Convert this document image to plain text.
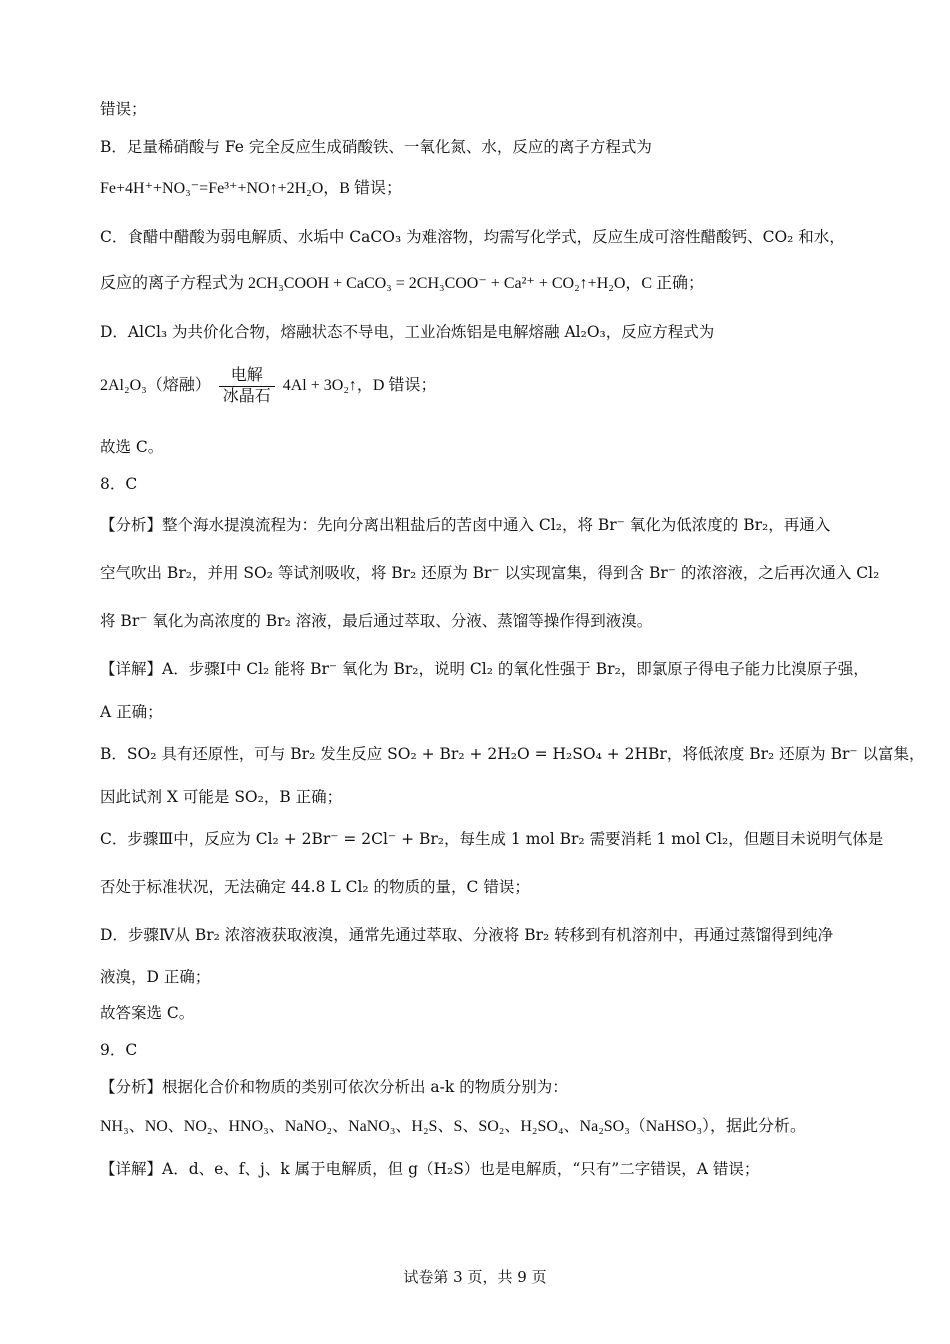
错误；
B．足量稀硝酸与 Fe 完全反应生成硝酸铁、一氧化氮、水，反应的离子方程式为
Fe+4H⁺+NO₃⁻=Fe³⁺+NO↑+2H₂O，B 错误；
C．食醋中醋酸为弱电解质、水垢中 CaCO₃ 为难溶物，均需写化学式，反应生成可溶性醋酸钙、CO₂ 和水，
反应的离子方程式为 2CH₃COOH + CaCO₃ = 2CH₃COO⁻ + Ca²⁺ + CO₂↑+H₂O，C 正确；
D．AlCl₃ 为共价化合物，熔融状态不导电，工业冶炼铝是电解熔融 Al₂O₃，反应方程式为
2Al₂O₃（熔融） $\frac{\text{电解}}{\text{冰晶石}} 4Al$ + 3O₂↑，D 错误；
故选 C。
8．C
【分析】整个海水提溴流程为：先向分离出粗盐后的苦卤中通入 Cl₂，将 Br⁻ 氧化为低浓度的 Br₂，再通入
空气吹出 Br₂，并用 SO₂ 等试剂吸收，将 Br₂ 还原为 Br⁻ 以实现富集，得到含 Br⁻ 的浓溶液，之后再次通入 Cl₂
将 Br⁻ 氧化为高浓度的 Br₂ 溶液，最后通过萃取、分液、蒸馏等操作得到液溴。
【详解】A．步骤Ⅰ中 Cl₂ 能将 Br⁻ 氧化为 Br₂，说明 Cl₂ 的氧化性强于 Br₂，即氯原子得电子能力比溴原子强，
A 正确；
B．SO₂ 具有还原性，可与 Br₂ 发生反应 SO₂ + Br₂ + 2H₂O = H₂SO₄ + 2HBr，将低浓度 Br₂ 还原为 Br⁻ 以富集，
因此试剂 X 可能是 SO₂，B 正确；
C．步骤Ⅲ中，反应为 Cl₂ + 2Br⁻ = 2Cl⁻ + Br₂，每生成 1 mol Br₂ 需要消耗 1 mol Cl₂，但题目未说明气体是
否处于标准状况，无法确定 44.8 L Cl₂ 的物质的量，C 错误；
D．步骤Ⅳ从 Br₂ 浓溶液获取液溴，通常先通过萃取、分液将 Br₂ 转移到有机溶剂中，再通过蒸馏得到纯净
液溴，D 正确；
故答案选 C。
9．C
【分析】根据化合价和物质的类别可依次分析出 a-k 的物质分别为：
NH₃、NO、NO₂、HNO₃、NaNO₂、NaNO₃、H₂S、S、SO₂、H₂SO₄、Na₂SO₃（NaHSO₃），据此分析。
【详解】A．d、e、f、j、k 属于电解质，但 g（H₂S）也是电解质，“只有”二字错误，A 错误；
试卷第 3 页，共 9 页
